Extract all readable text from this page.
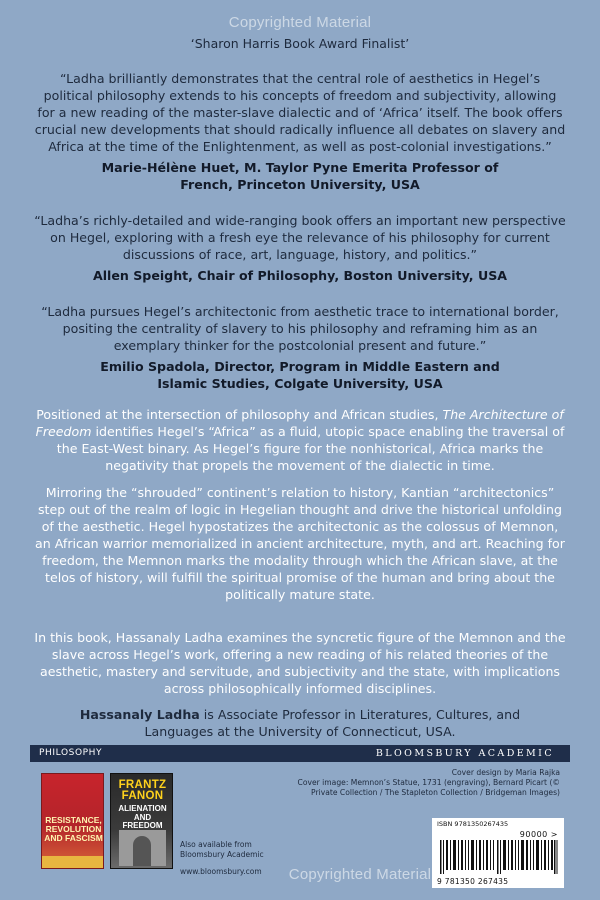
Copyrighted Material
‘Sharon Harris Book Award Finalist’

“Ladha brilliantly demonstrates that the central role of aesthetics in Hegel’s political philosophy extends to his concepts of freedom and subjectivity, allowing for a new reading of the master-slave dialectic and of ‘Africa’ itself. The book offers crucial new developments that should radically influence all debates on slavery and Africa at the time of the Enlightenment, as well as post-colonial investigations.”

Marie-Hélène Huet, M. Taylor Pyne Emerita Professor of French, Princeton University, USA

“Ladha’s richly-detailed and wide-ranging book offers an important new perspective on Hegel, exploring with a fresh eye the relevance of his philosophy for current discussions of race, art, language, history, and politics.”

Allen Speight, Chair of Philosophy, Boston University, USA

“Ladha pursues Hegel’s architectonic from aesthetic trace to international border, positing the centrality of slavery to his philosophy and reframing him as an exemplary thinker for the postcolonial present and future.”

Emilio Spadola, Director, Program in Middle Eastern and Islamic Studies, Colgate University, USA

Positioned at the intersection of philosophy and African studies, The Architecture of Freedom identifies Hegel’s “Africa” as a fluid, utopic space enabling the traversal of the East-West binary. As Hegel’s figure for the nonhistorical, Africa marks the negativity that propels the movement of the dialectic in time.

Mirroring the “shrouded” continent’s relation to history, Kantian “architectonics” step out of the realm of logic in Hegelian thought and drive the historical unfolding of the aesthetic. Hegel hypostatizes the architectonic as the colossus of Memnon, an African warrior memorialized in ancient architecture, myth, and art. Reaching for freedom, the Memnon marks the modality through which the African slave, at the telos of history, will fulfill the spiritual promise of the human and bring about the politically mature state.

In this book, Hassanaly Ladha examines the syncretic figure of the Memnon and the slave across Hegel’s work, offering a new reading of his related theories of the aesthetic, mastery and servitude, and subjectivity and the state, with implications across philosophically informed disciplines.

Hassanaly Ladha is Associate Professor in Literatures, Cultures, and Languages at the University of Connecticut, USA.

PHILOSOPHY	BLOOMSBURY ACADEMIC
RESISTANCE, REVOLUTION AND FASCISM
FRANTZ FANON
ALIENATION AND FREEDOM
Also available from
Bloomsbury Academic
www.bloomsbury.com
Cover design by Maria Rajka
Cover image: Memnon’s Statue, 1731 (engraving), Bernard Picart (©
Private Collection / The Stapleton Collection / Bridgeman Images)
ISBN 9781350267435
90000 >
9 781350 267435
Copyrighted Material
